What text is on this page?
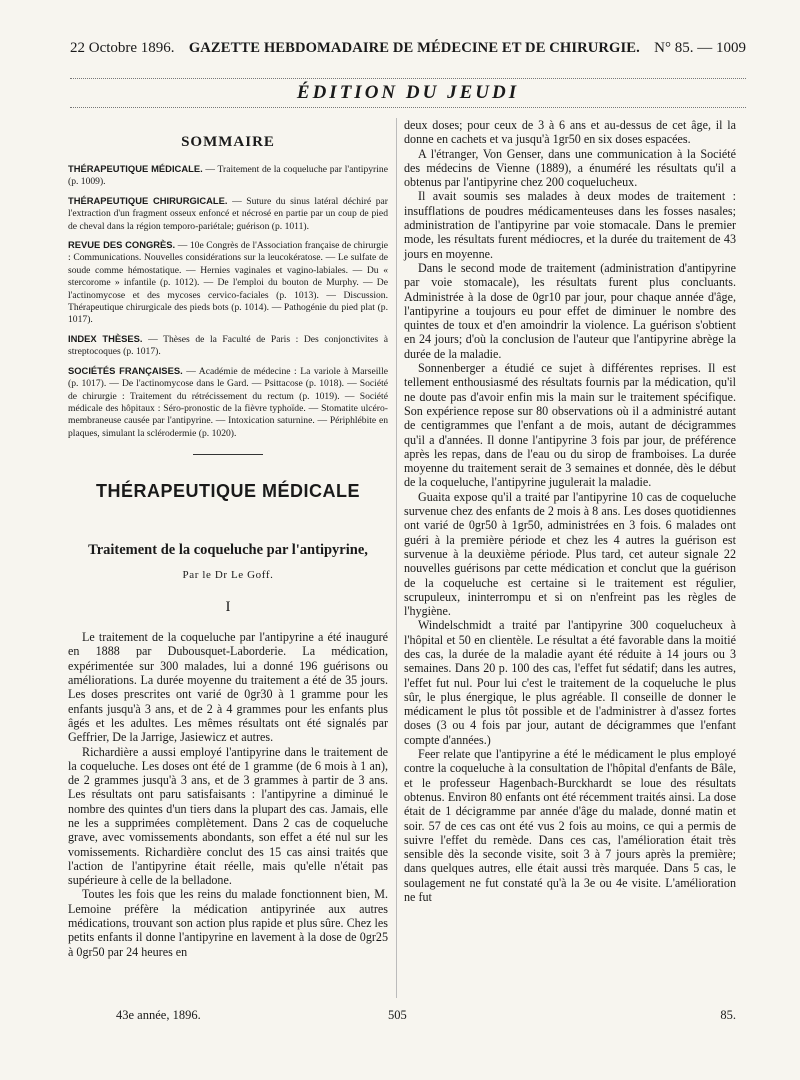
22 Octobre 1896. GAZETTE HEBDOMADAIRE DE MÉDECINE ET DE CHIRURGIE. N° 85. — 1009
ÉDITION DU JEUDI
SOMMAIRE
THÉRAPEUTIQUE MÉDICALE. — Traitement de la coqueluche par l'antipyrine (p. 1009).
THÉRAPEUTIQUE CHIRURGICALE. — Suture du sinus latéral déchiré par l'extraction d'un fragment osseux enfoncé et nécrosé en partie par un coup de pied de cheval dans la région temporo-pariétale; guérison (p. 1011).
REVUE DES CONGRÈS. — 10e Congrès de l'Association française de chirurgie : Communications. Nouvelles considérations sur la leucokératose. — Le sulfate de soude comme hémostatique. — Hernies vaginales et vagino-labiales. — Du « stercorome » infantile (p. 1012). — De l'emploi du bouton de Murphy. — De l'actinomycose et des mycoses cervico-faciales (p. 1013). — Discussion. Thérapeutique chirurgicale des pieds bots (p. 1014). — Pathogénie du pied plat (p. 1017).
INDEX THÈSES. — Thèses de la Faculté de Paris : Des conjonctivites à streptocoques (p. 1017).
SOCIÉTÉS FRANÇAISES. — Académie de médecine : La variole à Marseille (p. 1017). — De l'actinomycose dans le Gard. — Psittacose (p. 1018). — Société de chirurgie : Traitement du rétrécissement du rectum (p. 1019). — Société médicale des hôpitaux : Séro-pronostic de la fièvre typhoïde. — Stomatite ulcéro-membraneuse causée par l'antipyrine. — Intoxication saturnine. — Périphlébite en plaques, simulant la sclérodermie (p. 1020).
THÉRAPEUTIQUE MÉDICALE
Traitement de la coqueluche par l'antipyrine,
Par le Dr Le Goff.
I

Le traitement de la coqueluche par l'antipyrine a été inauguré en 1888 par Dubousquet-Laborderie. La médication, expérimentée sur 300 malades, lui a donné 196 guérisons ou améliorations. La durée moyenne du traitement a été de 35 jours. Les doses prescrites ont varié de 0gr30 à 1 gramme pour les enfants jusqu'à 3 ans, et de 2 à 4 grammes pour les enfants plus âgés et les adultes. Les mêmes résultats ont été signalés par Geffrier, De la Jarrige, Jasiewicz et autres.

Richardière a aussi employé l'antipyrine dans le traitement de la coqueluche. Les doses ont été de 1 gramme (de 6 mois à 1 an), de 2 grammes jusqu'à 3 ans, et de 3 grammes à partir de 3 ans. Les résultats ont paru satisfaisants : l'antipyrine a diminué le nombre des quintes d'un tiers dans la plupart des cas. Jamais, elle ne les a supprimées complètement. Dans 2 cas de coqueluche grave, avec vomissements abondants, son effet a été nul sur les vomissements. Richardière conclut des 15 cas ainsi traités que l'action de l'antipyrine était réelle, mais qu'elle n'était pas supérieure à celle de la belladone.

Toutes les fois que les reins du malade fonctionnent bien, M. Lemoine préfère la médication antipyrinée aux autres médications, trouvant son action plus rapide et plus sûre. Chez les petits enfants il donne l'antipyrine en lavement à la dose de 0gr25 à 0gr50 par 24 heures en

deux doses; pour ceux de 3 à 6 ans et au-dessus de cet âge, il la donne en cachets et va jusqu'à 1gr50 en six doses espacées.

A l'étranger, Von Genser, dans une communication à la Société des médecins de Vienne (1889), a énuméré les résultats qu'il a obtenus par l'antipyrine chez 200 coquelucheux.

Il avait soumis ses malades à deux modes de traitement : insufflations de poudres médicamenteuses dans les fosses nasales; administration de l'antipyrine par voie stomacale. Dans le premier mode, les résultats furent médiocres, et la durée du traitement de 43 jours en moyenne.

Dans le second mode de traitement (administration d'antipyrine par voie stomacale), les résultats furent plus concluants. Administrée à la dose de 0gr10 par jour, pour chaque année d'âge, l'antipyrine a toujours eu pour effet de diminuer le nombre des quintes de toux et d'en amoindrir la violence. La guérison s'obtient en 24 jours; d'où la conclusion de l'auteur que l'antipyrine abrège la durée de la maladie.

Sonnenberger a étudié ce sujet à différentes reprises. Il est tellement enthousiasmé des résultats fournis par la médication, qu'il ne doute pas d'avoir enfin mis la main sur le traitement spécifique. Son expérience repose sur 80 observations où il a administré autant de centigrammes que l'enfant a de mois, autant de décigrammes qu'il a d'années. Il donne l'antipyrine 3 fois par jour, de préférence après les repas, dans de l'eau ou du sirop de framboises. La durée moyenne du traitement serait de 3 semaines et donnée, dès le début de la coqueluche, l'antipyrine jugulerait la maladie.

Guaita expose qu'il a traité par l'antipyrine 10 cas de coqueluche survenue chez des enfants de 2 mois à 8 ans. Les doses quotidiennes ont varié de 0gr50 à 1gr50, administrées en 3 fois. 6 malades ont guéri à la première période et chez les 4 autres la guérison est survenue à la deuxième période. Plus tard, cet auteur signale 22 nouvelles guérisons par cette médication et conclut que la guérison de la coqueluche est certaine si le traitement est régulier, scrupuleux, ininterrompu et si on n'enfreint pas les règles de l'hygiène.

Windelschmidt a traité par l'antipyrine 300 coquelucheux à l'hôpital et 50 en clientèle. Le résultat a été favorable dans la moitié des cas, la durée de la maladie ayant été réduite à 14 jours ou 3 semaines. Dans 20 p. 100 des cas, l'effet fut sédatif; dans les autres, l'effet fut nul. Pour lui c'est le traitement de la coqueluche le plus sûr, le plus énergique, le plus agréable. Il conseille de donner le médicament le plus tôt possible et de l'administrer à d'assez fortes doses (3 ou 4 fois par jour, autant de décigrammes que l'enfant compte d'années.)

Feer relate que l'antipyrine a été le médicament le plus employé contre la coqueluche à la consultation de l'hôpital d'enfants de Bâle, et le professeur Hagenbach-Burckhardt se loue des résultats obtenus. Environ 80 enfants ont été récemment traités ainsi. La dose était de 1 décigramme par année d'âge du malade, donné matin et soir. 57 de ces cas ont été vus 2 fois au moins, ce qui a permis de suivre l'effet du remède. Dans ces cas, l'amélioration était très sensible dès la seconde visite, soit 3 à 7 jours après la première; dans quelques autres, elle était aussi très marquée. Dans 5 cas, le soulagement ne fut constaté qu'à la 3e ou 4e visite. L'amélioration ne fut

43e année, 1896.	505	85.
